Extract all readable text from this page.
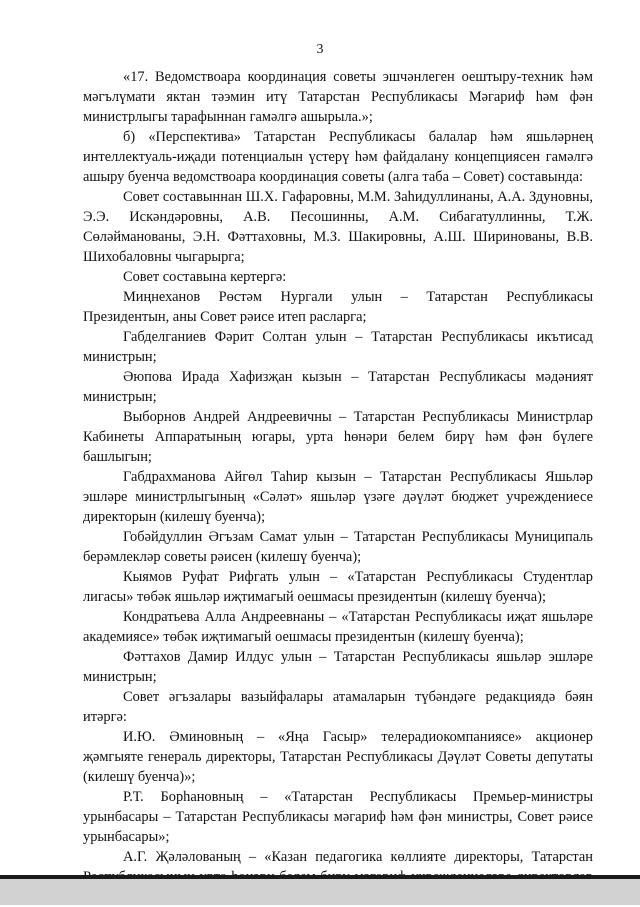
3

«17. Ведомствоара координация советы эшчәнлеген оештыру-техник һәм мәгълүмати яктан тәэмин итү Татарстан Республикасы Мәгариф һәм фән министрлыгы тарафыннан гамәлгә ашырыла.»;

б) «Перспектива» Татарстан Республикасы балалар һәм яшьләрнең интеллектуаль-иҗади потенциалын үстерү һәм файдалану концепциясен гамәлгә ашыру буенча ведомствоара координация советы (алга таба – Совет) составында:

Совет составыннан Ш.Х. Гафаровны, М.М. Заһидуллинаны, А.А. Здуновны, Э.Э. Искәндәровны, А.В. Песошинны, А.М. Сибагатуллинны, Т.Ж. Сөләйманованы, Э.Н. Фәттаховны, М.З. Шакировны, А.Ш. Ширинованы, В.В. Шихобаловны чыгарырга;

Совет составына кертергә:

Миңнеханов Рөстәм Нургали улын – Татарстан Республикасы Президентын, аны Совет рәисе итеп расларга;

Габделганиев Фәрит Солтан улын – Татарстан Республикасы икътисад министрын;

Әюпова Ирада Хафизҗан кызын – Татарстан Республикасы мәдәният министрын;

Выборнов Андрей Андреевичны – Татарстан Республикасы Министрлар Кабинеты Аппаратының югары, урта һөнәри белем бирү һәм фән бүлеге башлыгын;

Габдрахманова Айгөл Таһир кызын – Татарстан Республикасы Яшьләр эшләре министрлыгының «Сәләт» яшьләр үзәге дәүләт бюджет учреждениесе директорын (килешү буенча);

Гобәйдуллин Әгъзам Самат улын – Татарстан Республикасы Муниципаль берәмлекләр советы рәисен (килешү буенча);

Кыямов Руфат Рифгать улын – «Татарстан Республикасы Студентлар лигасы» төбәк яшьләр иҗтимагый оешмасы президентын (килешү буенча);

Кондратьева Алла Андреевнаны – «Татарстан Республикасы иҗат яшьләре академиясе» төбәк иҗтимагый оешмасы президентын (килешү буенча);

Фәттахов Дамир Илдус улын – Татарстан Республикасы яшьләр эшләре министрын;

Совет әгъзалары вазыйфалары атамаларын түбәндәге редакциядә бәян итәргә:

И.Ю. Әминовның – «Яңа Гасыр» телерадиокомпаниясе» акционер җәмгыяте генераль директоры, Татарстан Республикасы Дәүләт Советы депутаты (килешү буенча)»;

Р.Т. Борһановның – «Татарстан Республикасы Премьер-министры урынбасары – Татарстан Республикасы мәгариф һәм фән министры, Совет рәисе урынбасары»;

А.Г. Җәләлованың – «Казан педагогика көллияте директоры, Татарстан
